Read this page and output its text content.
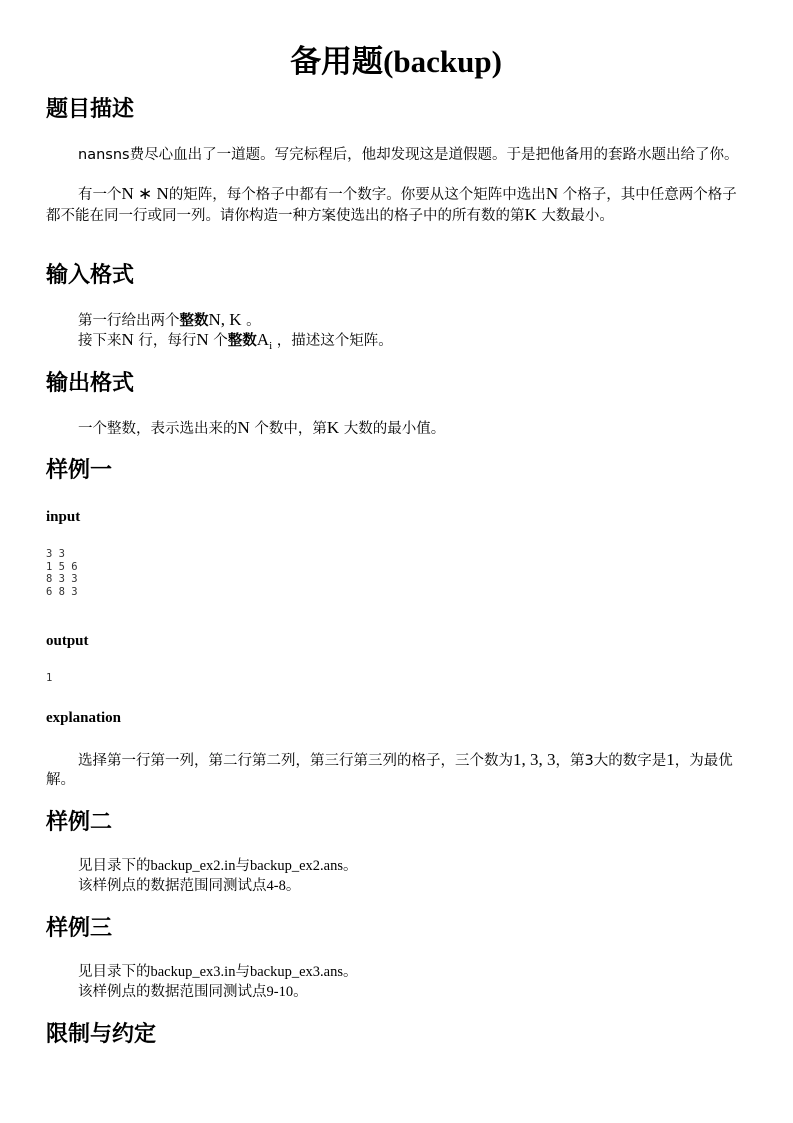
备用题(backup)
题目描述

nansns费尽心血出了一道题。写完标程后，他却发现这是道假题。于是把他备用的套路水题出给了你。

有一个N ∗ N的矩阵，每个格子中都有一个数字。你要从这个矩阵中选出N 个格子，其中任意两个格子都不能在同一行或同一列。请你构造一种方案使选出的格子中的所有数的第K 大数最小。

输入格式

第一行给出两个整数N, K 。

接下来N 行，每行N 个整数$A_i$ ，描述这个矩阵。

输出格式

一个整数，表示选出来的N 个数中，第K 大数的最小值。

样例一
input
3 3
1 5 6
8 3 3
6 8 3
output
1
explanation

选择第一行第一列，第二行第二列，第三行第三列的格子，三个数为1, 3, 3，第3大的数字是1，为最优解。

样例二

见目录下的backup_ex2.in与backup_ex2.ans。

该样例点的数据范围同测试点4-8。

样例三

见目录下的backup_ex3.in与backup_ex3.ans。

该样例点的数据范围同测试点9-10。

限制与约定
